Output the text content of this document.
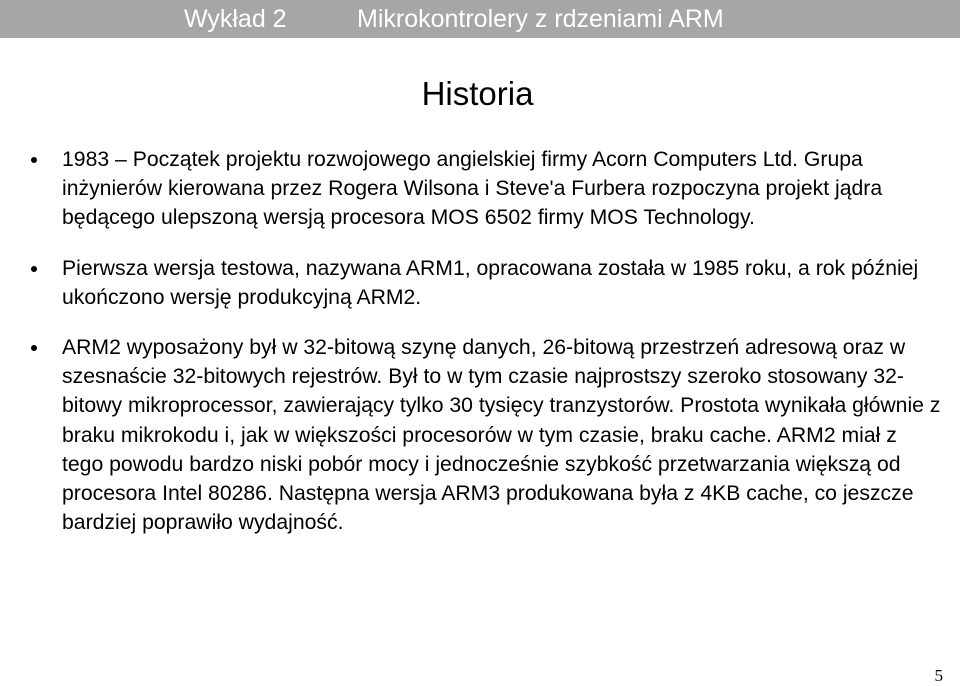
Wykład 2	Mikrokontrolery z rdzeniami ARM
Historia
1983 – Początek projektu rozwojowego angielskiej firmy Acorn Computers Ltd. Grupa inżynierów kierowana przez Rogera Wilsona i Steve'a Furbera rozpoczyna projekt jądra będącego ulepszoną wersją procesora MOS 6502 firmy MOS Technology.
Pierwsza wersja testowa, nazywana ARM1, opracowana została w 1985 roku, a rok później ukończono wersję produkcyjną ARM2.
ARM2 wyposażony był w 32-bitową szynę danych, 26-bitową przestrzeń adresową oraz w szesnaście 32-bitowych rejestrów. Był to w tym czasie najprostszy szeroko stosowany 32-bitowy mikroprocessor, zawierający tylko 30 tysięcy tranzystorów. Prostota wynikała głównie z braku mikrokodu i, jak w większości procesorów w tym czasie, braku cache. ARM2 miał z tego powodu bardzo niski pobór mocy i jednocześnie szybkość przetwarzania większą od procesora Intel 80286. Następna wersja ARM3 produkowana była z 4KB cache, co jeszcze bardziej poprawiło wydajność.
5
